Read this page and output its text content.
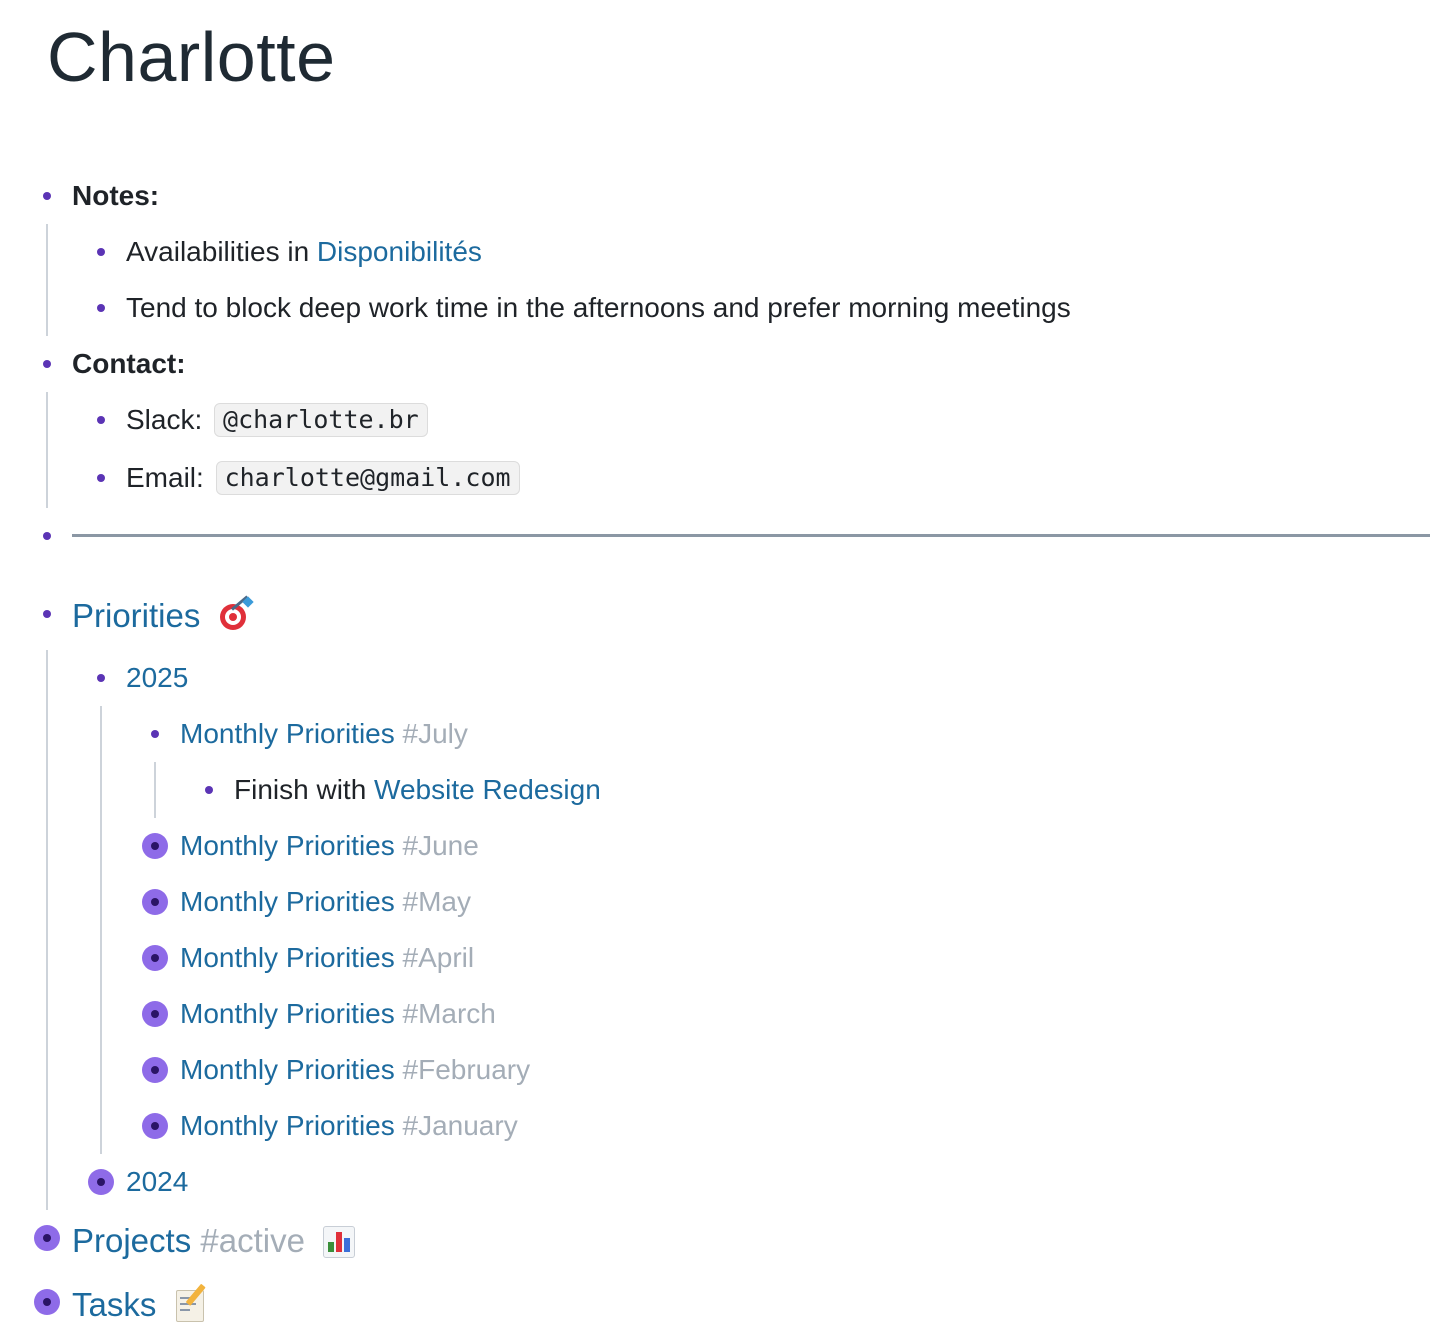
Charlotte
Notes:
Availabilities in Disponibilités
Tend to block deep work time in the afternoons and prefer morning meetings
Contact:
Slack: @charlotte.br
Email: charlotte@gmail.com
Priorities
2025
Monthly Priorities #July
Finish with Website Redesign
Monthly Priorities #June
Monthly Priorities #May
Monthly Priorities #April
Monthly Priorities #March
Monthly Priorities #February
Monthly Priorities #January
2024
Projects #active
Tasks
